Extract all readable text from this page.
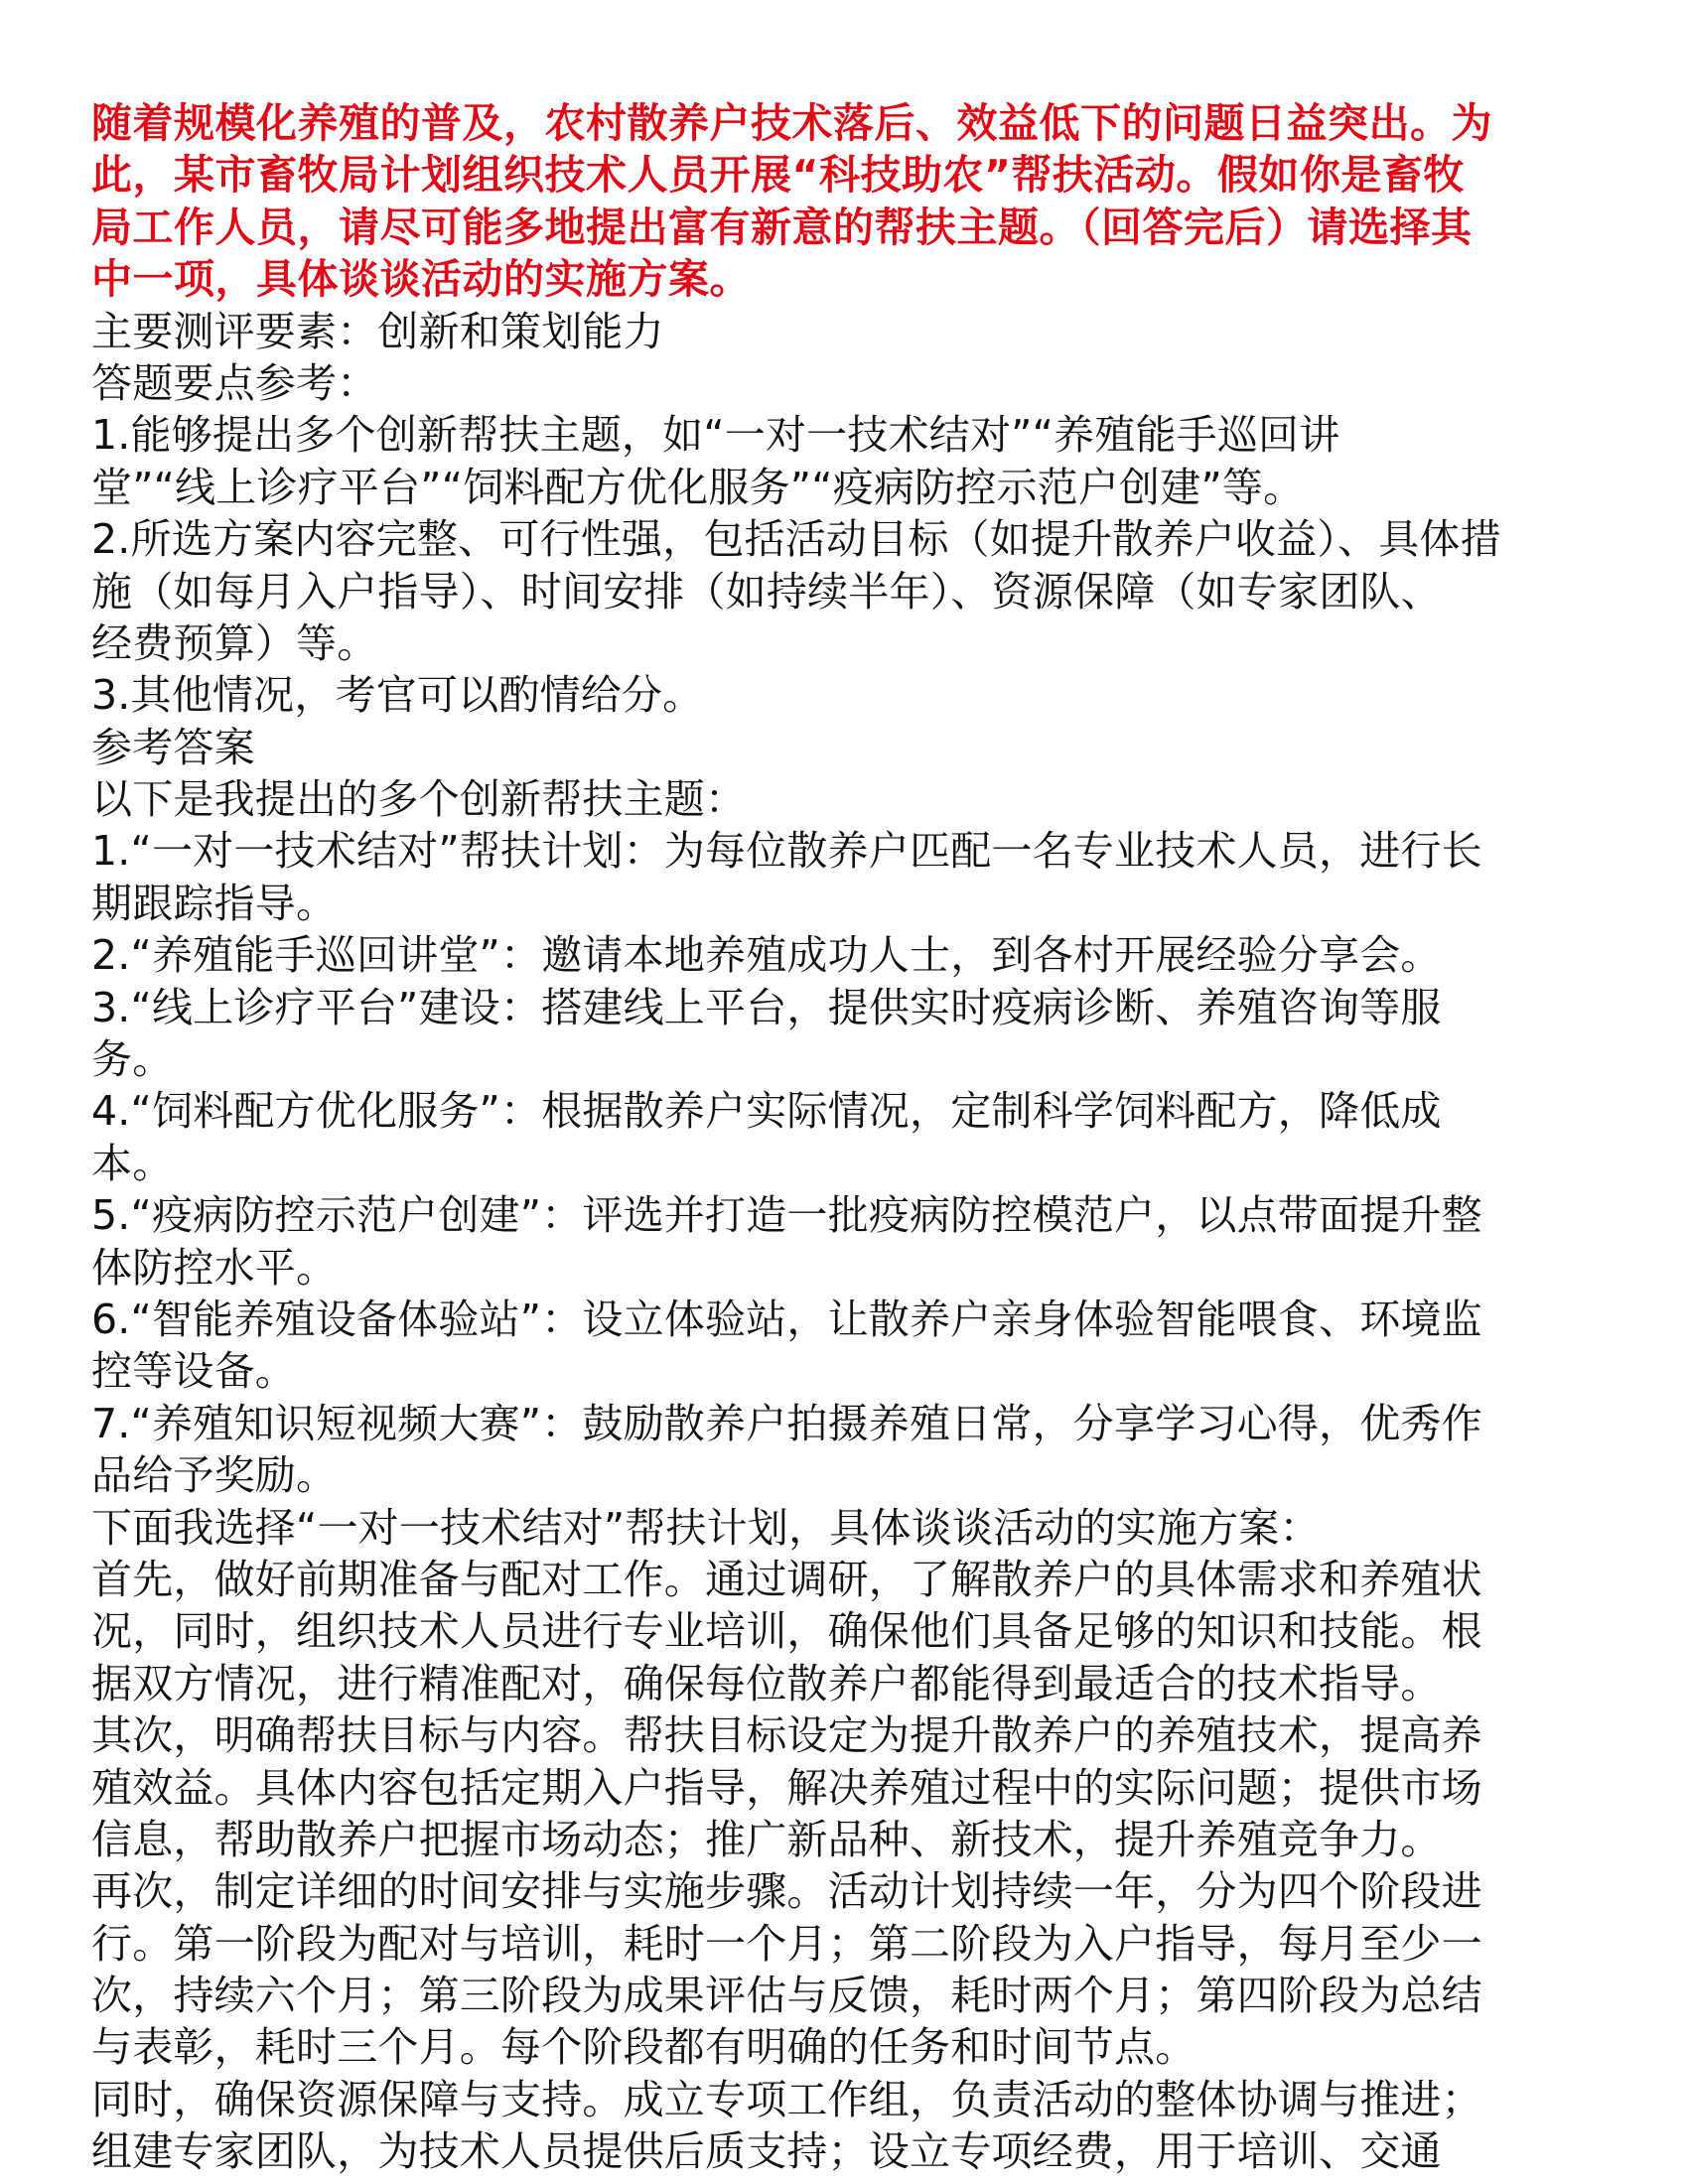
随着规模化养殖的普及，农村散养户技术落后、效益低下的问题日益突出。为
此，某市畜牧局计划组织技术人员开展“科技助农”帮扶活动。假如你是畜牧
局工作人员，请尽可能多地提出富有新意的帮扶主题。（回答完后）请选择其
中一项，具体谈谈活动的实施方案。
主要测评要素：创新和策划能力
答题要点参考：
1.能够提出多个创新帮扶主题，如“一对一技术结对”“养殖能手巡回讲
堂”“线上诊疗平台”“饲料配方优化服务”“疫病防控示范户创建”等。
2.所选方案内容完整、可行性强，包括活动目标（如提升散养户收益）、具体措
施（如每月入户指导）、时间安排（如持续半年）、资源保障（如专家团队、
经费预算）等。
3.其他情况，考官可以酌情给分。
参考答案
以下是我提出的多个创新帮扶主题：
1.“一对一技术结对”帮扶计划：为每位散养户匹配一名专业技术人员，进行长
期跟踪指导。
2.“养殖能手巡回讲堂”：邀请本地养殖成功人士，到各村开展经验分享会。
3.“线上诊疗平台”建设：搭建线上平台，提供实时疫病诊断、养殖咨询等服
务。
4.“饲料配方优化服务”：根据散养户实际情况，定制科学饲料配方，降低成
本。
5.“疫病防控示范户创建”：评选并打造一批疫病防控模范户，以点带面提升整
体防控水平。
6.“智能养殖设备体验站”：设立体验站，让散养户亲身体验智能喂食、环境监
控等设备。
7.“养殖知识短视频大赛”：鼓励散养户拍摄养殖日常，分享学习心得，优秀作
品给予奖励。
下面我选择“一对一技术结对”帮扶计划，具体谈谈活动的实施方案：
首先，做好前期准备与配对工作。通过调研，了解散养户的具体需求和养殖状
况，同时，组织技术人员进行专业培训，确保他们具备足够的知识和技能。根
据双方情况，进行精准配对，确保每位散养户都能得到最适合的技术指导。
其次，明确帮扶目标与内容。帮扶目标设定为提升散养户的养殖技术，提高养
殖效益。具体内容包括定期入户指导，解决养殖过程中的实际问题；提供市场
信息，帮助散养户把握市场动态；推广新品种、新技术，提升养殖竞争力。
再次，制定详细的时间安排与实施步骤。活动计划持续一年，分为四个阶段进
行。第一阶段为配对与培训，耗时一个月；第二阶段为入户指导，每月至少一
次，持续六个月；第三阶段为成果评估与反馈，耗时两个月；第四阶段为总结
与表彰，耗时三个月。每个阶段都有明确的任务和时间节点。
同时，确保资源保障与支持。成立专项工作组，负责活动的整体协调与推进；
组建专家团队，为技术人员提供后质支持；设立专项经费，用于培训、交通
